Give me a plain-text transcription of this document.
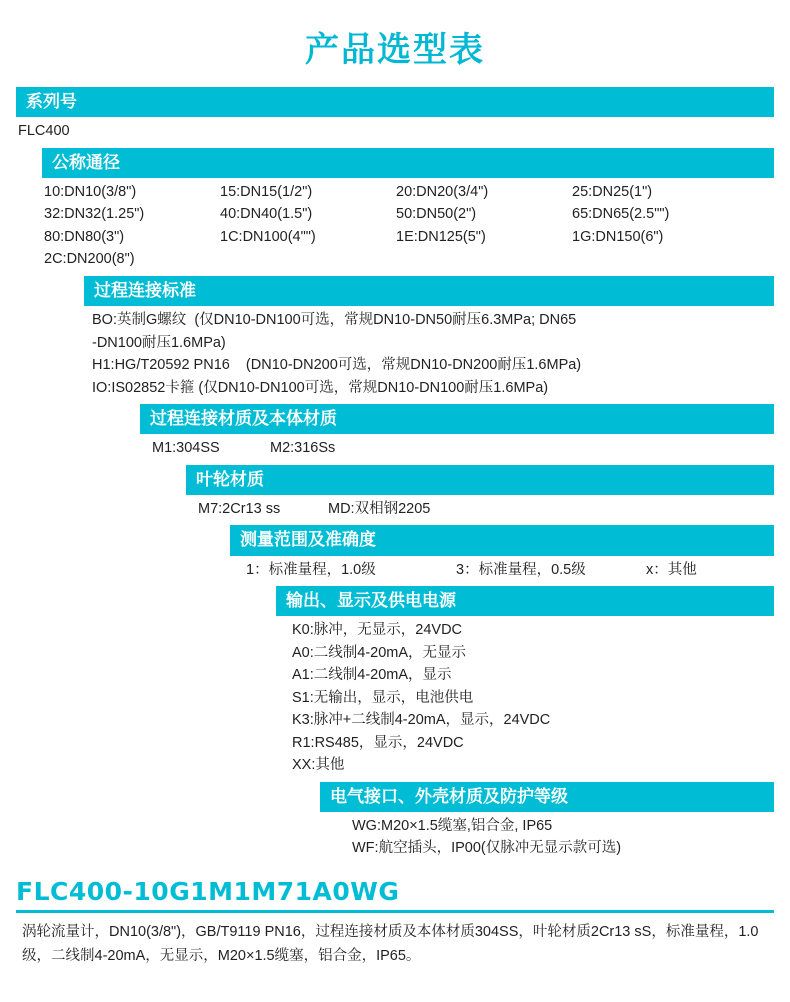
产品选型表
系列号
FLC400
公称通径
10:DN10(3/8")	15:DN15(1/2")	20:DN20(3/4")	25:DN25(1")
32:DN32(1.25")	40:DN40(1.5")	50:DN50(2")	65:DN65(2.5"")
80:DN80(3")	1C:DN100(4"")	1E:DN125(5")	1G:DN150(6")
2C:DN200(8")
过程连接标准
BO:英制G螺纹  (仅DN10-DN100可选，常规DN10-DN50耐压6.3MPa; DN65
-DN100耐压1.6MPa)
H1:HG/T20592 PN16    (DN10-DN200可选，常规DN10-DN200耐压1.6MPa)
IO:IS02852卡箍 (仅DN10-DN100可选，常规DN10-DN100耐压1.6MPa)
过程连接材质及本体材质
M1:304SS	M2:316Ss
叶轮材质
M7:2Cr13 ss	MD:双相钢2205
测量范围及准确度
1：标准量程，1.0级	3：标准量程，0.5级	x：其他
输出、显示及供电电源
K0:脉冲，无显示，24VDC
A0:二线制4-20mA，无显示
A1:二线制4-20mA，显示
S1:无输出，显示，电池供电
K3:脉冲+二线制4-20mA，显示，24VDC
R1:RS485，显示，24VDC
XX:其他
电气接口、外壳材质及防护等级
WG:M20×1.5缆塞,铝合金, IP65
WF:航空插头，IP00(仅脉冲无显示款可选)
FLC400-10G1M1M71A0WG
涡轮流量计，DN10(3/8")，GB/T9119 PN16，过程连接材质及本体材质304SS，叶轮材质2Cr13 sS，标准量程，1.0级，二线制4-20mA，无显示，M20×1.5缆塞，铝合金，IP65。
